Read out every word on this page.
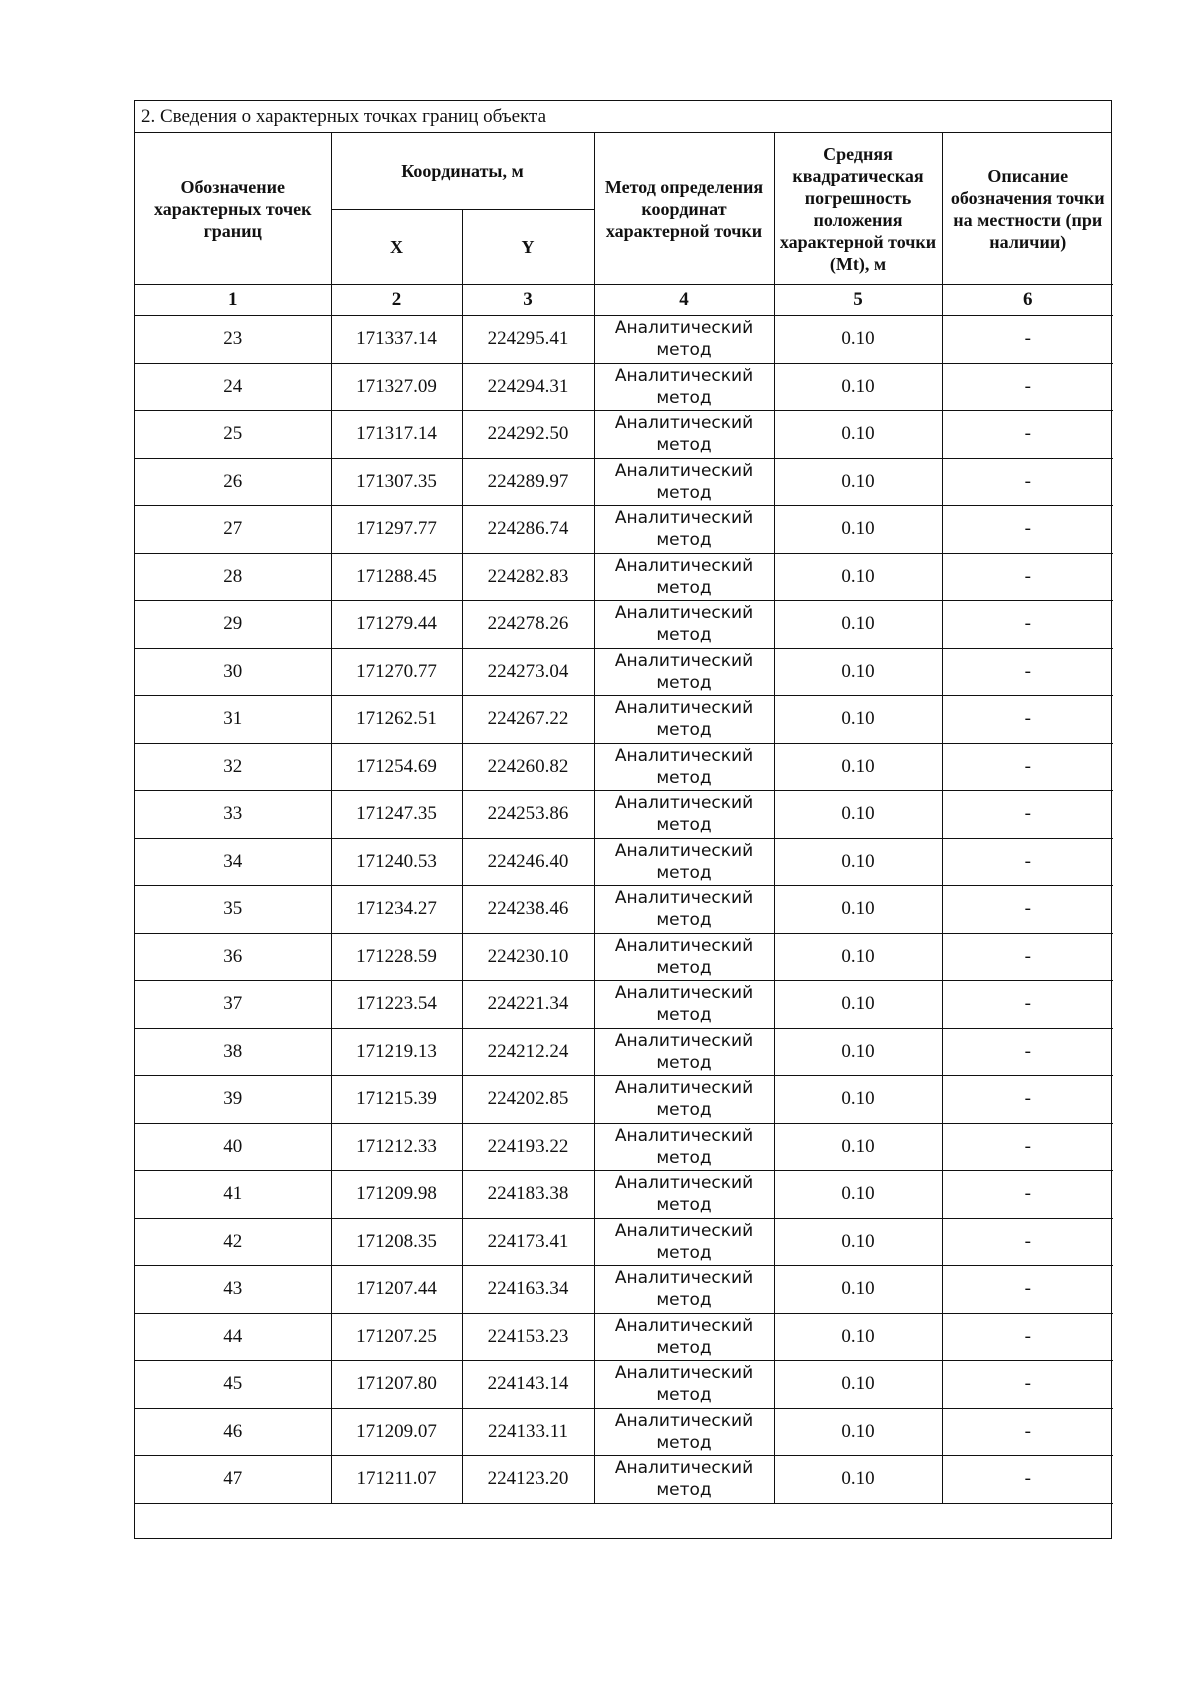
2. Сведения о характерных точках границ объекта
Обозначение характерных точек границ	Координаты, м		Метод определения координат характерной точки	Средняя квадратическая погрешность положения характерной точки (Mt), м	Описание обозначения точки на местности (при наличии)
	X	Y			
1	2	3	4	5	6
23	171337.14	224295.41	Аналитический метод	0.10	-
24	171327.09	224294.31	Аналитический метод	0.10	-
25	171317.14	224292.50	Аналитический метод	0.10	-
26	171307.35	224289.97	Аналитический метод	0.10	-
27	171297.77	224286.74	Аналитический метод	0.10	-
28	171288.45	224282.83	Аналитический метод	0.10	-
29	171279.44	224278.26	Аналитический метод	0.10	-
30	171270.77	224273.04	Аналитический метод	0.10	-
31	171262.51	224267.22	Аналитический метод	0.10	-
32	171254.69	224260.82	Аналитический метод	0.10	-
33	171247.35	224253.86	Аналитический метод	0.10	-
34	171240.53	224246.40	Аналитический метод	0.10	-
35	171234.27	224238.46	Аналитический метод	0.10	-
36	171228.59	224230.10	Аналитический метод	0.10	-
37	171223.54	224221.34	Аналитический метод	0.10	-
38	171219.13	224212.24	Аналитический метод	0.10	-
39	171215.39	224202.85	Аналитический метод	0.10	-
40	171212.33	224193.22	Аналитический метод	0.10	-
41	171209.98	224183.38	Аналитический метод	0.10	-
42	171208.35	224173.41	Аналитический метод	0.10	-
43	171207.44	224163.34	Аналитический метод	0.10	-
44	171207.25	224153.23	Аналитический метод	0.10	-
45	171207.80	224143.14	Аналитический метод	0.10	-
46	171209.07	224133.11	Аналитический метод	0.10	-
47	171211.07	224123.20	Аналитический метод	0.10	-
